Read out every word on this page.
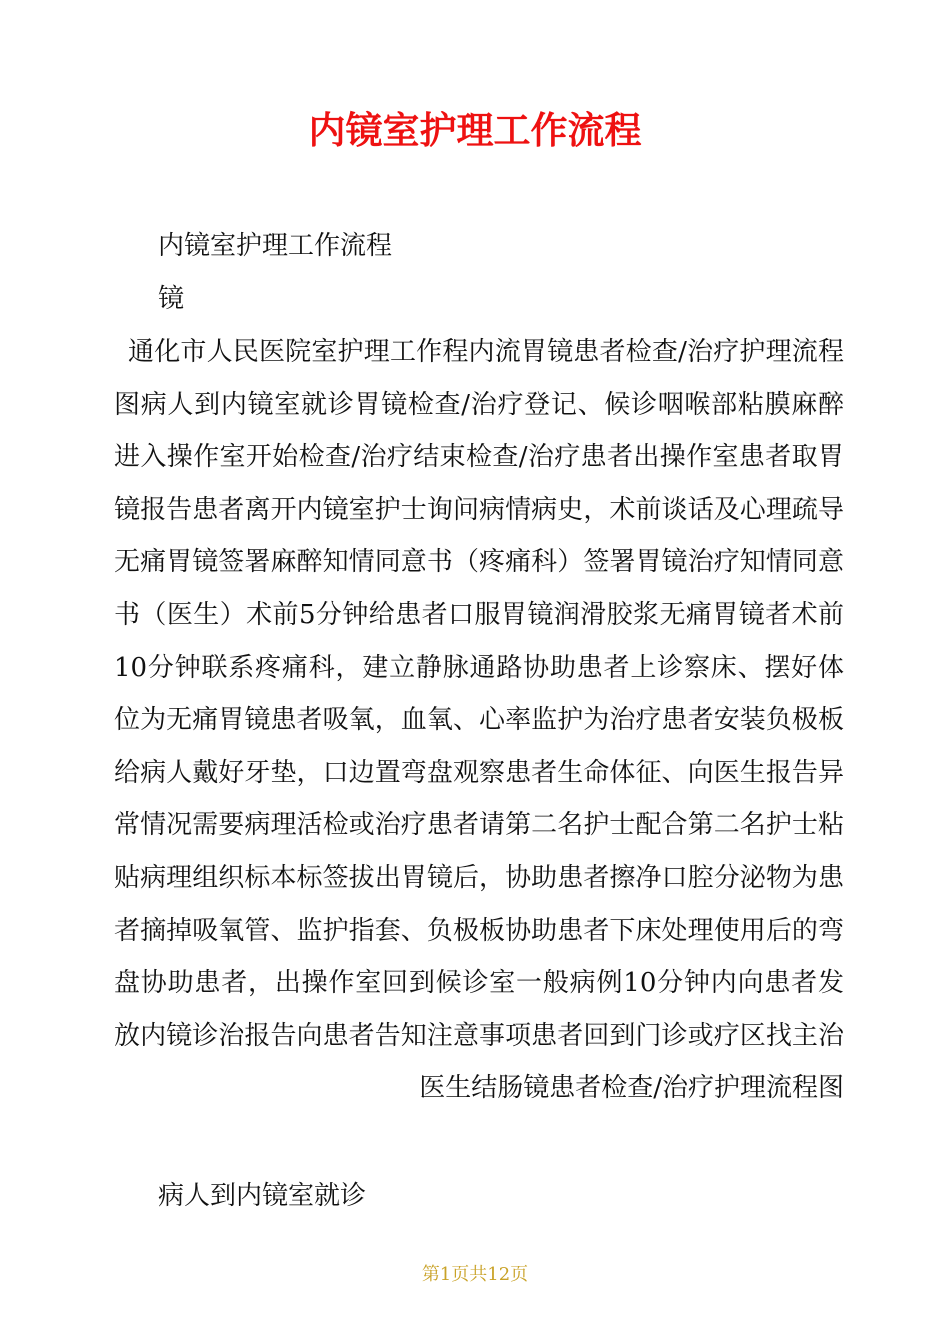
内镜室护理工作流程
内镜室护理工作流程
镜
通化市人民医院室护理工作程内流胃镜患者检查/治疗护理流程图病人到内镜室就诊胃镜检查/治疗登记、候诊咽喉部粘膜麻醉进入操作室开始检查/治疗结束检查/治疗患者出操作室患者取胃镜报告患者离开内镜室护士询问病情病史，术前谈话及心理疏导无痛胃镜签署麻醉知情同意书（疼痛科）签署胃镜治疗知情同意书（医生）术前5分钟给患者口服胃镜润滑胶浆无痛胃镜者术前10分钟联系疼痛科，建立静脉通路协助患者上诊察床、摆好体位为无痛胃镜患者吸氧，血氧、心率监护为治疗患者安装负极板给病人戴好牙垫，口边置弯盘观察患者生命体征、向医生报告异常情况需要病理活检或治疗患者请第二名护士配合第二名护士粘贴病理组织标本标签拔出胃镜后，协助患者擦净口腔分泌物为患者摘掉吸氧管、监护指套、负极板协助患者下床处理使用后的弯盘协助患者，出操作室回到候诊室一般病例10分钟内向患者发放内镜诊治报告向患者告知注意事项患者回到门诊或疗区找主治医生结肠镜患者检查/治疗护理流程图
病人到内镜室就诊
第1页共12页
